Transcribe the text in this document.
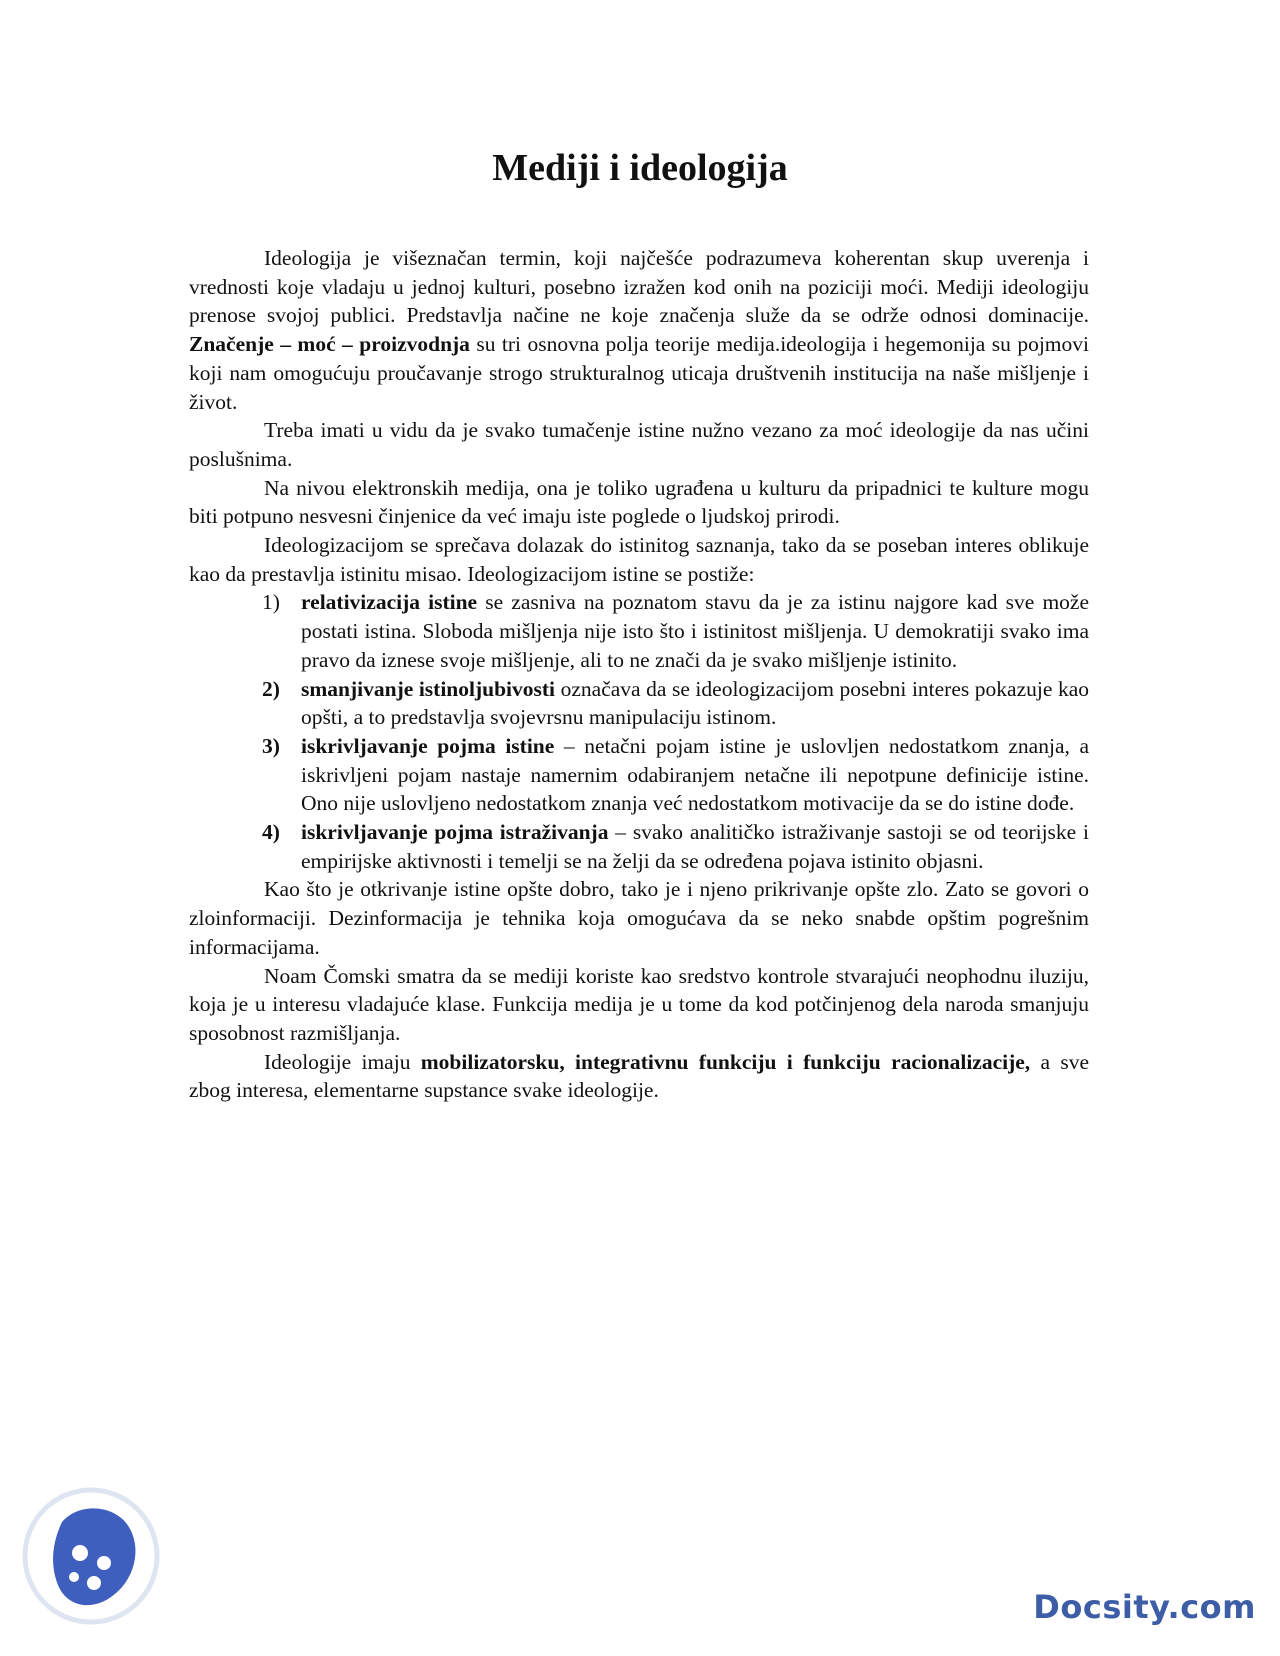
Mediji i ideologija

Ideologija je višeznačan termin, koji najčešće podrazumeva koherentan skup uverenja i vrednosti koje vladaju u jednoj kulturi, posebno izražen kod onih na poziciji moći. Mediji ideologiju prenose svojoj publici. Predstavlja načine ne koje značenja služe da se održe odnosi dominacije. Značenje – moć – proizvodnja su tri osnovna polja teorije medija.ideologija i hegemonija su pojmovi koji nam omogućuju proučavanje strogo strukturalnog uticaja društvenih institucija na naše mišljenje i život.

Treba imati u vidu da je svako tumačenje istine nužno vezano za moć ideologije da nas učini poslušnima.

Na nivou elektronskih medija, ona je toliko ugrađena u kulturu da pripadnici te kulture mogu biti potpuno nesvesni činjenice da već imaju iste poglede o ljudskoj prirodi.

Ideologizacijom se sprečava dolazak do istinitog saznanja, tako da se poseban interes oblikuje kao da prestavlja istinitu misao. Ideologizacijom istine se postiže:

1) relativizacija istine se zasniva na poznatom stavu da je za istinu najgore kad sve može postati istina. Sloboda mišljenja nije isto što i istinitost mišljenja. U demokratiji svako ima pravo da iznese svoje mišljenje, ali to ne znači da je svako mišljenje istinito.
2) smanjivanje istinoljubivosti označava da se ideologizacijom posebni interes pokazuje kao opšti, a to predstavlja svojevrsnu manipulaciju istinom.
3) iskrivljavanje pojma istine – netačni pojam istine je uslovljen nedostatkom znanja, a iskrivljeni pojam nastaje namernim odabiranjem netačne ili nepotpune definicije istine. Ono nije uslovljeno nedostatkom znanja već nedostatkom motivacije da se do istine dođe.
4) iskrivljavanje pojma istraživanja – svako analitičko istraživanje sastoji se od teorijske i empirijske aktivnosti i temelji se na želji da se određena pojava istinito objasni.

Kao što je otkrivanje istine opšte dobro, tako je i njeno prikrivanje opšte zlo. Zato se govori o zloinformaciji. Dezinformacija je tehnika koja omogućava da se neko snabde opštim pogrešnim informacijama.

Noam Čomski smatra da se mediji koriste kao sredstvo kontrole stvarajući neophodnu iluziju, koja je u interesu vladajuće klase. Funkcija medija je u tome da kod potčinjenog dela naroda smanjuju sposobnost razmišljanja.

Ideologije imaju mobilizatorsku, integrativnu funkciju i funkciju racionalizacije, a sve zbog interesa, elementarne supstance svake ideologije.

Docsity.com
